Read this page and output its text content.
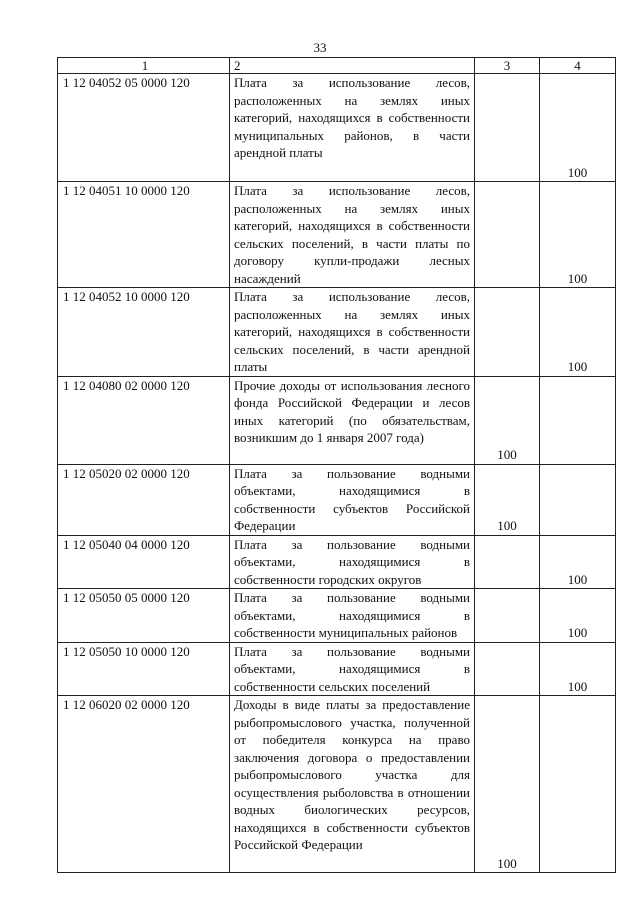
33
1	2	3	4
1 12 04052 05 0000 120	Плата за использование лесов, расположенных на землях иных категорий, находящихся в собственности муниципальных районов, в части арендной платы		100
1 12 04051 10 0000 120	Плата за использование лесов, расположенных на землях иных категорий, находящихся в собственности сельских поселений, в части платы по договору купли-продажи лесных насаждений		100
1 12 04052 10 0000 120	Плата за использование лесов, расположенных на землях иных категорий, находящихся в собственности сельских поселений, в части арендной платы		100
1 12 04080 02 0000 120	Прочие доходы от использования лесного фонда Российской Федерации и лесов иных категорий (по обязательствам, возникшим до 1 января 2007 года)	100	
1 12 05020 02 0000 120	Плата за пользование водными объектами, находящимися в собственности субъектов Российской Федерации	100	
1 12 05040 04 0000 120	Плата за пользование водными объектами, находящимися в собственности городских округов		100
1 12 05050 05 0000 120	Плата за пользование водными объектами, находящимися в собственности муниципальных районов		100
1 12 05050 10 0000 120	Плата за пользование водными объектами, находящимися в собственности сельских поселений		100
1 12 06020 02 0000 120	Доходы в виде платы за предоставление рыбопромыслового участка, полученной от победителя конкурса на право заключения договора о предоставлении рыбопромыслового участка для осуществления рыболовства в отношении водных биологических ресурсов, находящихся в собственности субъектов Российской Федерации	100	
